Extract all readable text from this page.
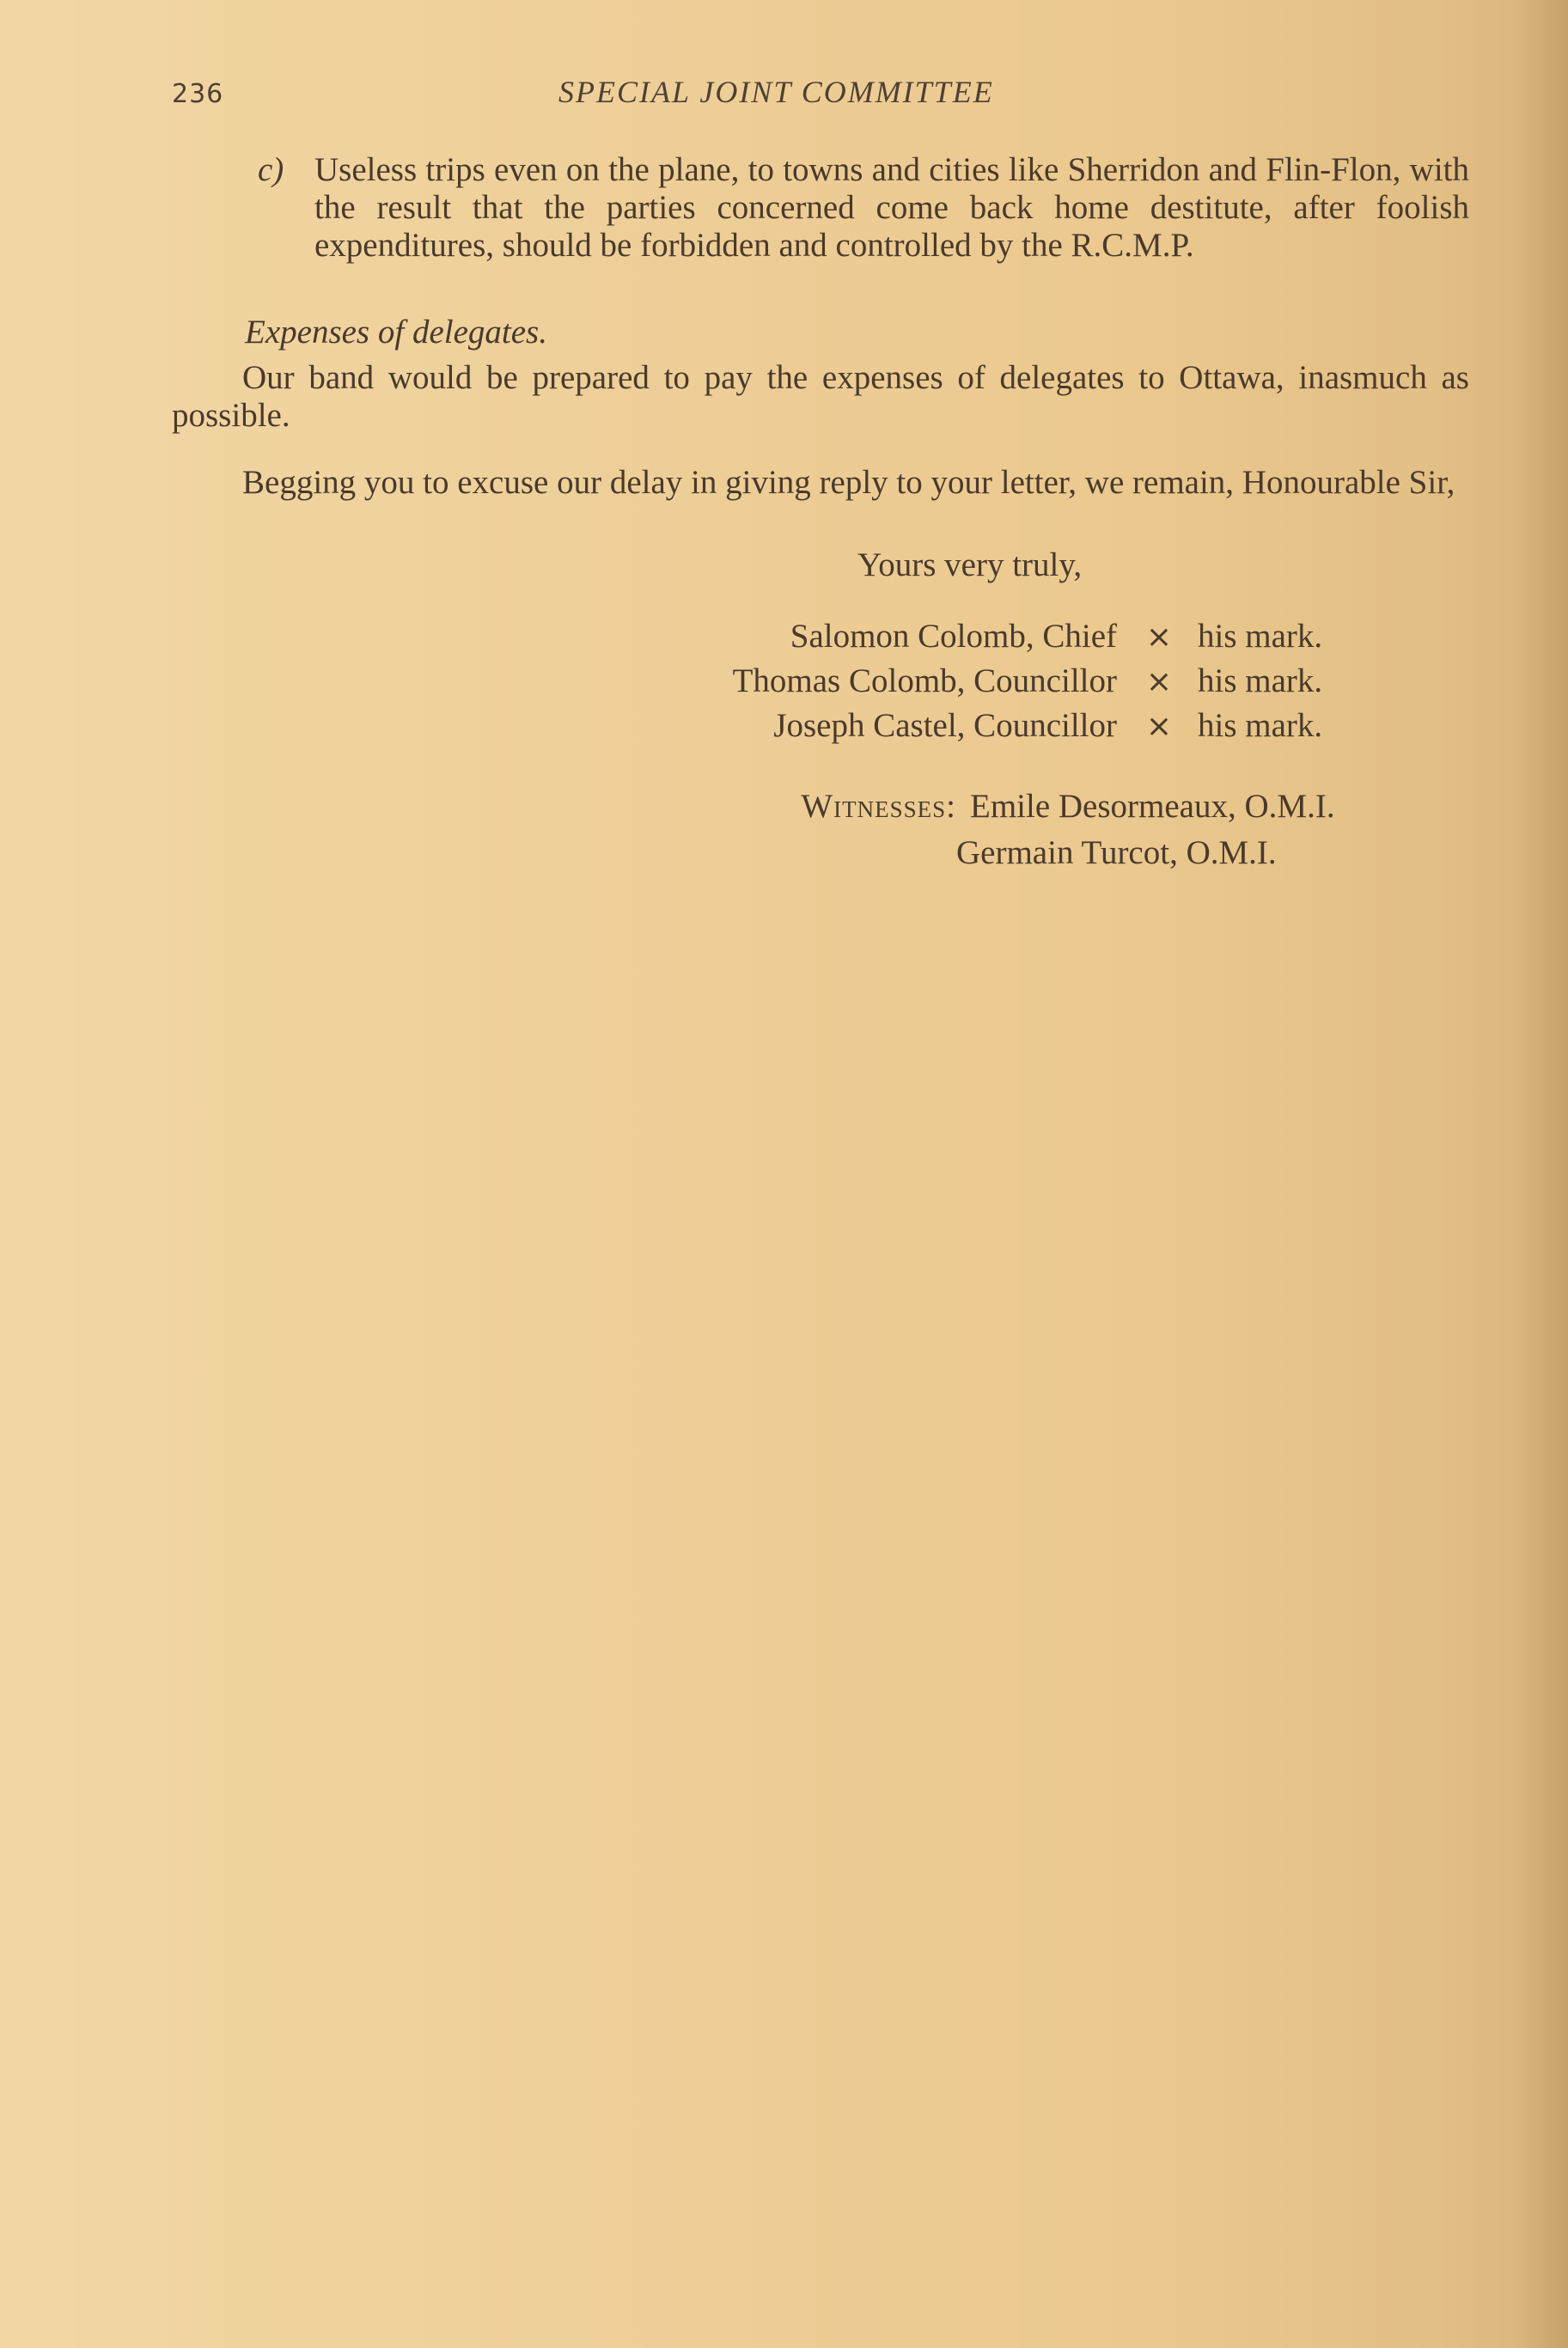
236	SPECIAL JOINT COMMITTEE
c) Useless trips even on the plane, to towns and cities like Sherridon and Flin-Flon, with the result that the parties concerned come back home destitute, after foolish expenditures, should be forbidden and controlled by the R.C.M.P.
Expenses of delegates.
Our band would be prepared to pay the expenses of delegates to Ottawa, inasmuch as possible.
Begging you to excuse our delay in giving reply to your letter, we remain, Honourable Sir,
Yours very truly,
Salomon Colomb, Chief × his mark.
Thomas Colomb, Councillor × his mark.
Joseph Castel, Councillor × his mark.
Witnesses: Emile Desormeaux, O.M.I.
Germain Turcot, O.M.I.
